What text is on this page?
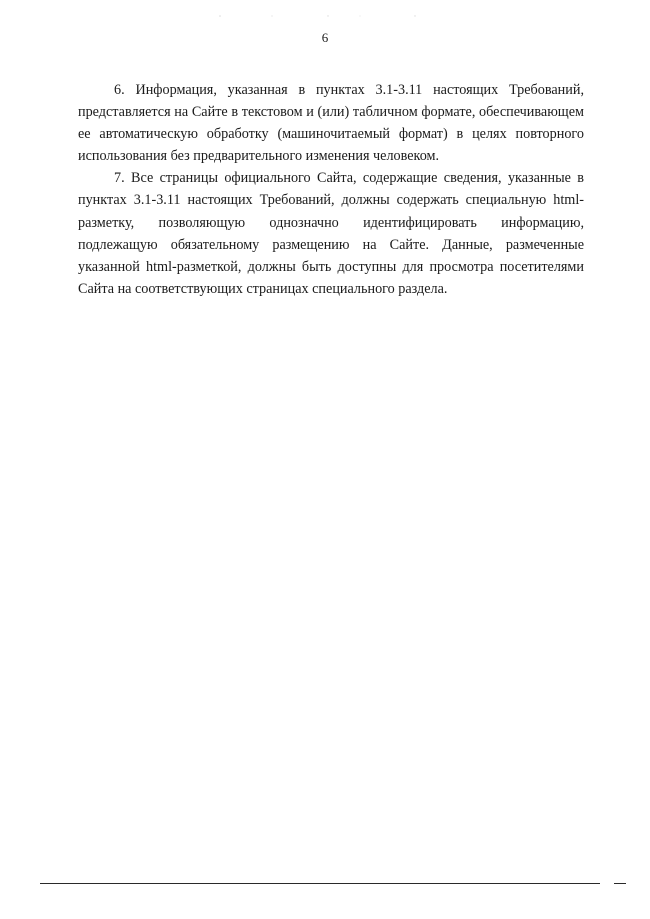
6

6. Информация, указанная в пунктах 3.1-3.11 настоящих Требований, представляется на Сайте в текстовом и (или) табличном формате, обеспечивающем ее автоматическую обработку (машиночитаемый формат) в целях повторного использования без предварительного изменения человеком.

7. Все страницы официального Сайта, содержащие сведения, указанные в пунктах 3.1-3.11 настоящих Требований, должны содержать специальную html-разметку, позволяющую однозначно идентифицировать информацию, подлежащую обязательному размещению на Сайте. Данные, размеченные указанной html-разметкой, должны быть доступны для просмотра посетителями Сайта на соответствующих страницах специального раздела.
